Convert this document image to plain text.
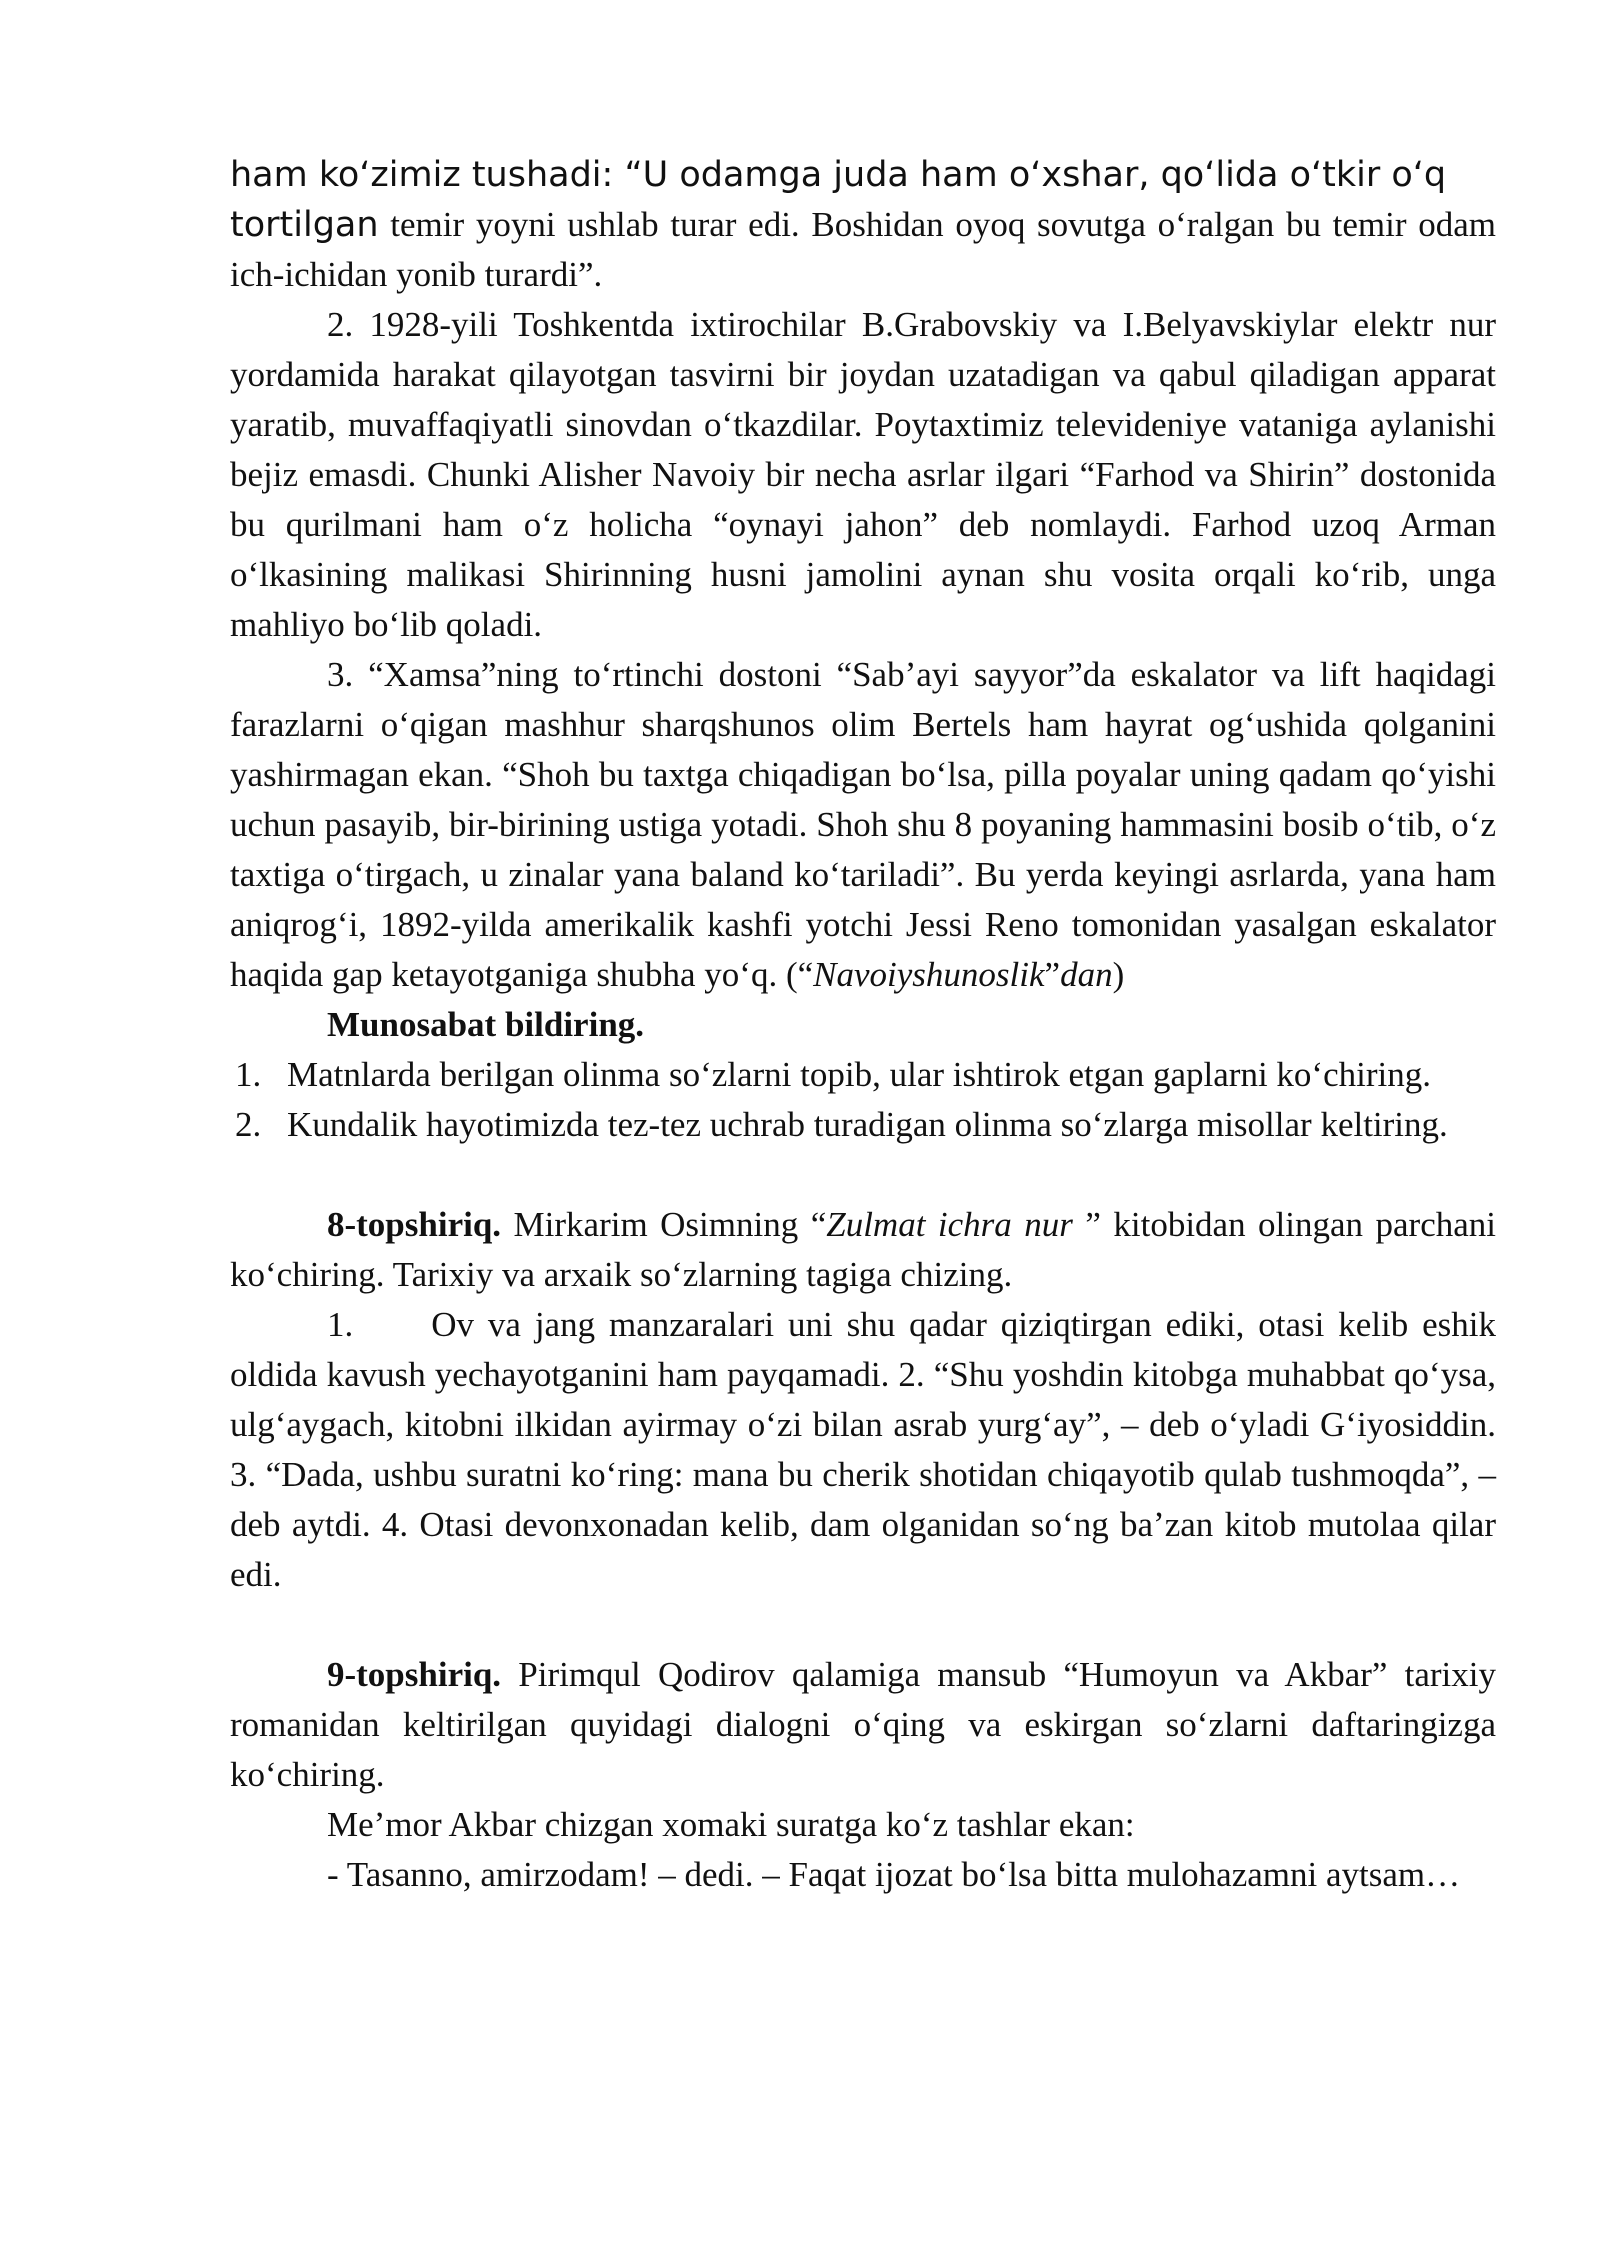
ham koʻzimiz tushadi: “U odamga juda ham oʻxshar, qoʻlida oʻtkir oʻq
tortilgan temir yoyni ushlab turar edi. Boshidan oyoq sovutga oʻralgan bu temir odam ich-ichidan yonib turardi”.

2. 1928-yili Toshkentda ixtirochilar B.Grabovskiy va I.Belyavskiylar elektr nur yordamida harakat qilayotgan tasvirni bir joydan uzatadigan va qabul qiladigan apparat yaratib, muvaffaqiyatli sinovdan oʻtkazdilar. Poytaxtimiz televideniye vataniga aylanishi bejiz emasdi. Chunki Alisher Navoiy bir necha asrlar ilgari “Farhod va Shirin” dostonida bu qurilmani ham oʻz holicha “oynayi jahon” deb nomlaydi. Farhod uzoq Arman oʻlkasining malikasi Shirinning husni jamolini aynan shu vosita orqali koʻrib, unga mahliyo boʻlib qoladi.

3. “Xamsa”ning toʻrtinchi dostoni “Sabʼayi sayyor”da eskalator va lift haqidagi farazlarni oʻqigan mashhur sharqshunos olim Bertels ham hayrat ogʻushida qolganini yashirmagan ekan. “Shoh bu taxtga chiqadigan boʻlsa, pilla poyalar uning qadam qoʻyishi uchun pasayib, bir-birining ustiga yotadi. Shoh shu 8 poyaning hammasini bosib oʻtib, oʻz taxtiga oʻtirgach, u zinalar yana baland koʻtariladi”. Bu yerda keyingi asrlarda, yana ham aniqrogʻi, 1892-yilda amerikalik kashfi yotchi Jessi Reno tomonidan yasalgan eskalator haqida gap ketayotganiga shubha yoʻq. (“Navoiyshunoslik”dan)

Munosabat bildiring.
1. Matnlarda berilgan olinma soʻzlarni topib, ular ishtirok etgan gaplarni koʻchiring.
2. Kundalik hayotimizda tez-tez uchrab turadigan olinma soʻzlarga misollar keltiring.

8-topshiriq. Mirkarim Osimning “Zulmat ichra nur ” kitobidan olingan parchani koʻchiring. Tarixiy va arxaik soʻzlarning tagiga chizing.

1. Ov va jang manzaralari uni shu qadar qiziqtirgan ediki, otasi kelib eshik oldida kavush yechayotganini ham payqamadi. 2. “Shu yoshdin kitobga muhabbat qoʻysa, ulgʻaygach, kitobni ilkidan ayirmay oʻzi bilan asrab yurgʻay”, – deb oʻyladi Gʻiyosiddin. 3. “Dada, ushbu suratni koʻring: mana bu cherik shotidan chiqayotib qulab tushmoqda”, – deb aytdi. 4. Otasi devonxonadan kelib, dam olganidan soʻng baʼzan kitob mutolaa qilar edi.

9-topshiriq. Pirimqul Qodirov qalamiga mansub “Humoyun va Akbar” tarixiy romanidan keltirilgan quyidagi dialogni oʻqing va eskirgan soʻzlarni daftaringizga koʻchiring.

Meʼmor Akbar chizgan xomaki suratga koʻz tashlar ekan:

- Tasanno, amirzodam! – dedi. – Faqat ijozat boʻlsa bitta mulohazamni aytsam…
